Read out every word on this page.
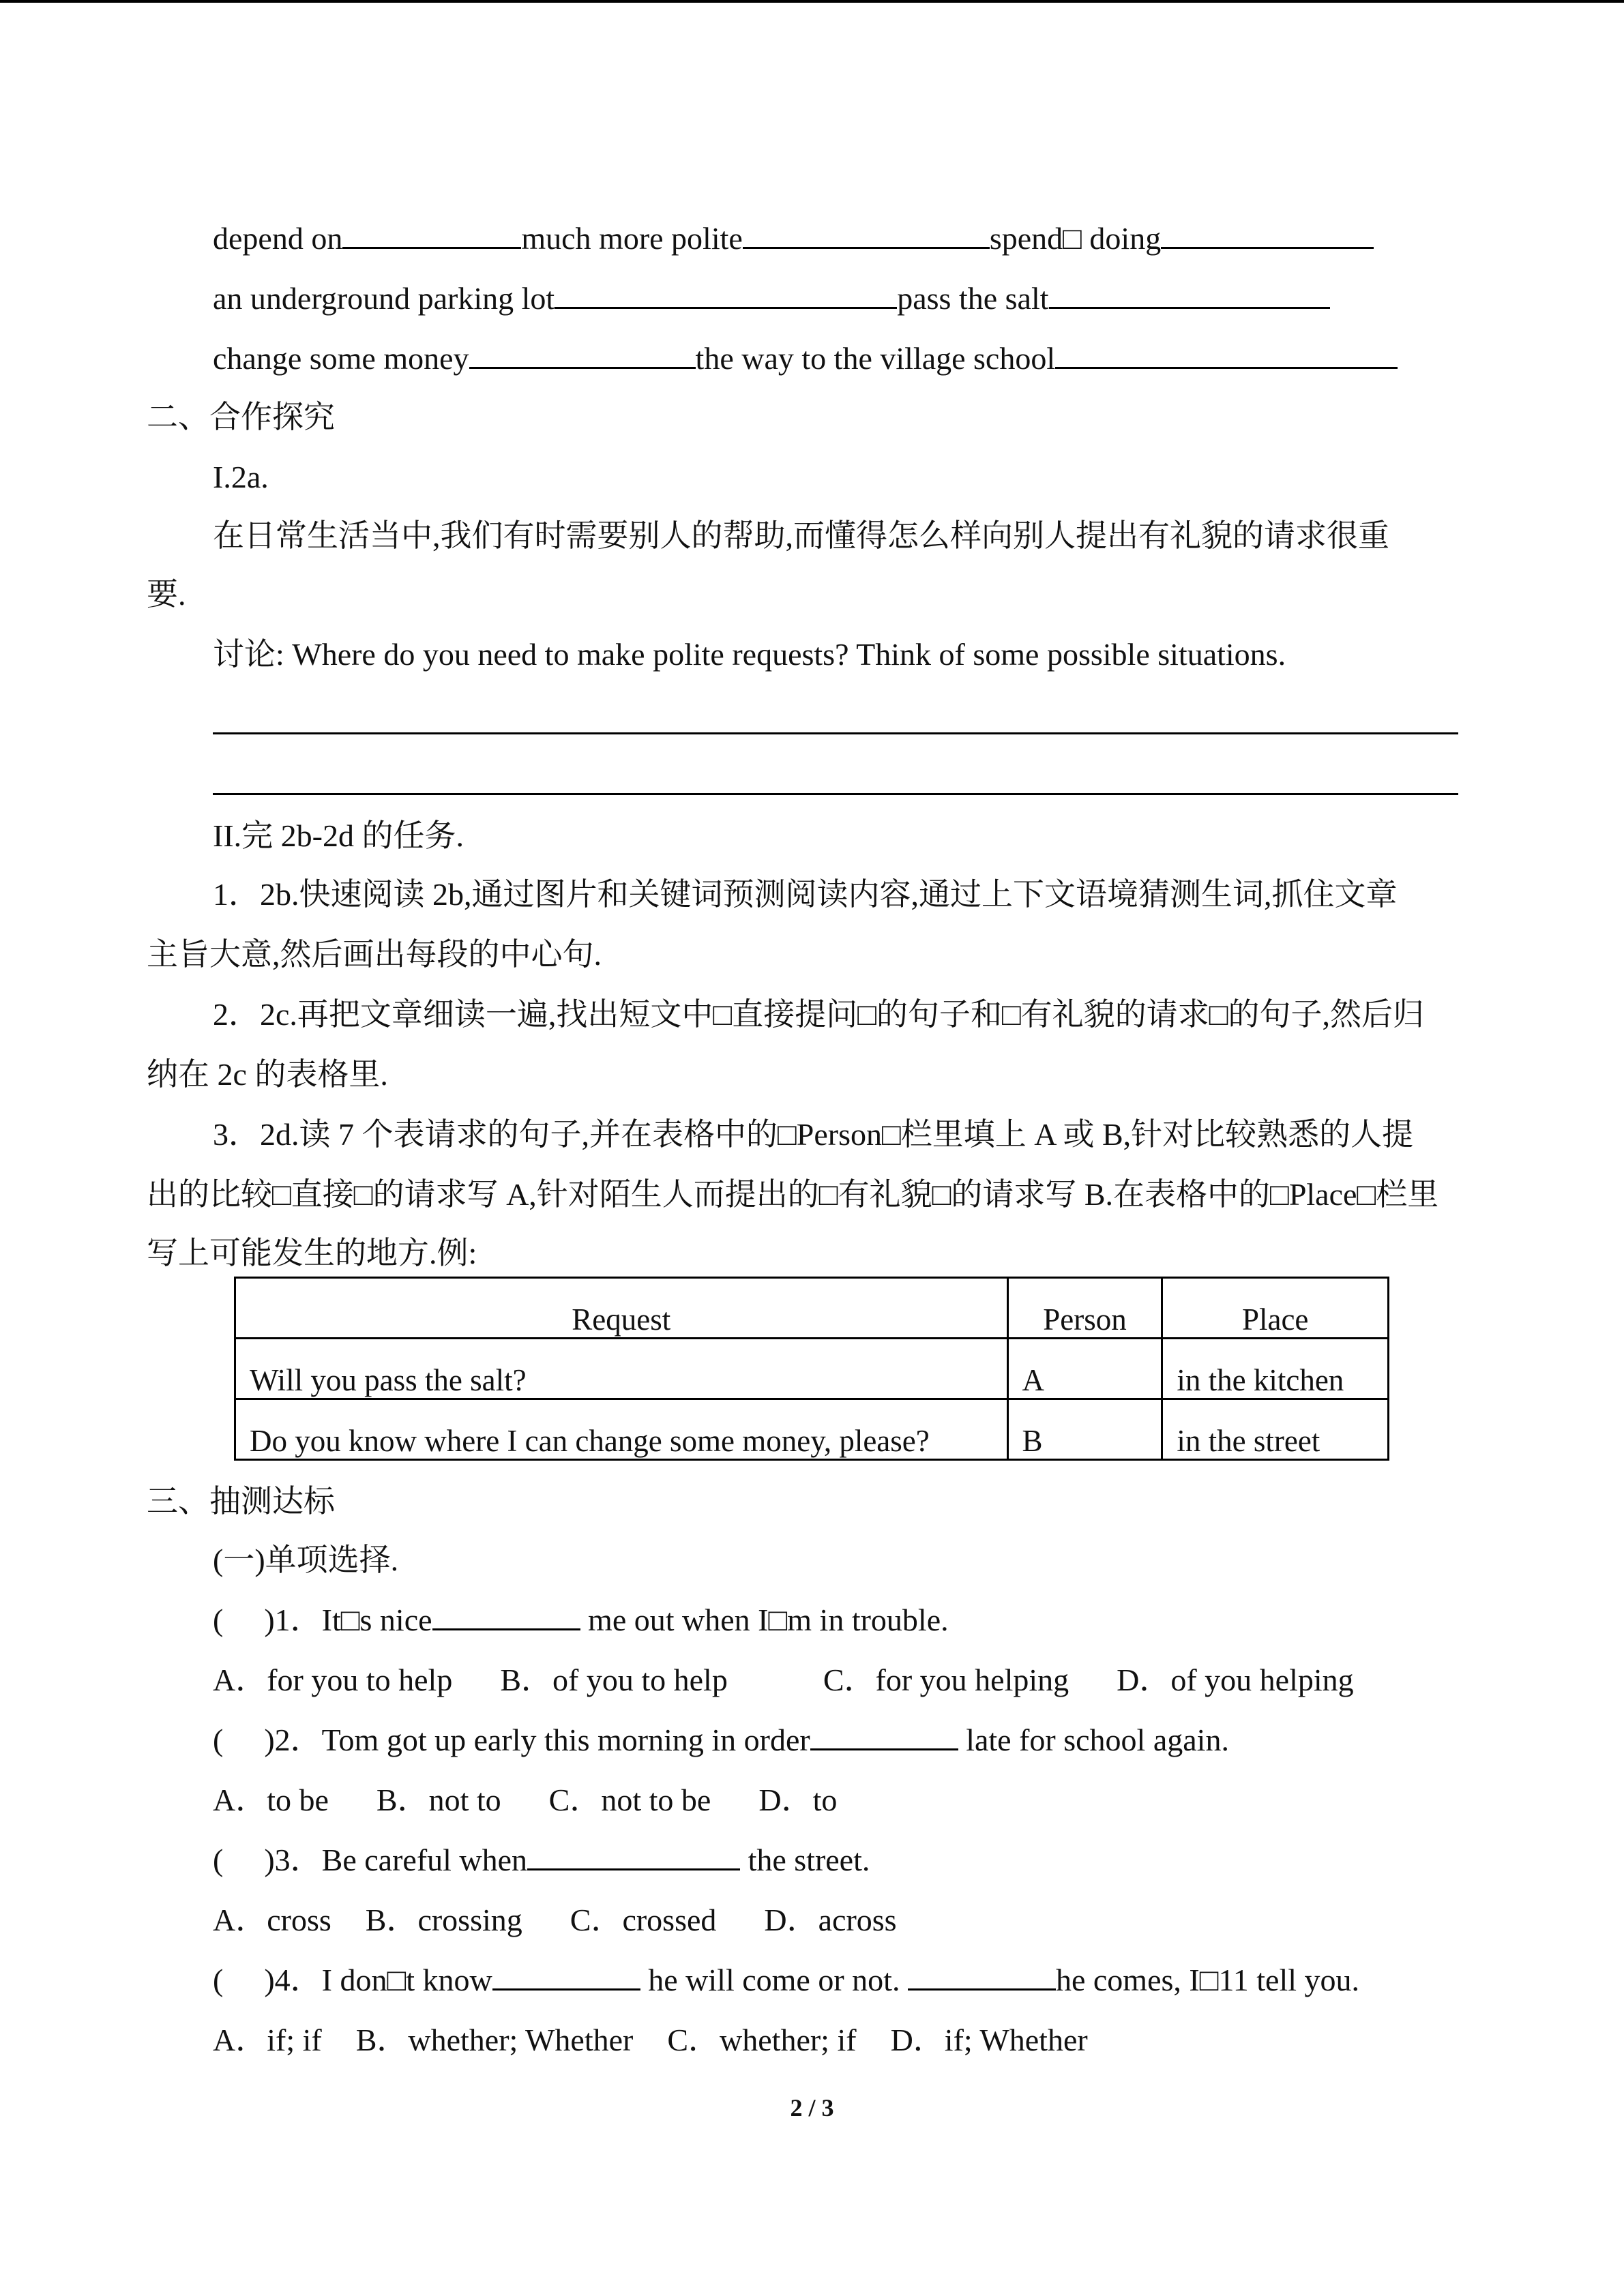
depend on	much more polite	spend□ doing
an underground parking lot	pass the salt
change some money	the way to the village school
二、合作探究
I.2a.
在日常生活当中,我们有时需要别人的帮助,而懂得怎么样向别人提出有礼貌的请求很重
要.
讨论: Where do you need to make polite requests? Think of some possible situations.
II.完 2b-2d 的任务.
1．2b.快速阅读 2b,通过图片和关键词预测阅读内容,通过上下文语境猜测生词,抓住文章
主旨大意,然后画出每段的中心句.
2．2c.再把文章细读一遍,找出短文中□直接提问□的句子和□有礼貌的请求□的句子,然后归
纳在 2c 的表格里.
3．2d.读 7 个表请求的句子,并在表格中的□Person□栏里填上 A 或 B,针对比较熟悉的人提
出的比较□直接□的请求写 A,针对陌生人而提出的□有礼貌□的请求写 B.在表格中的□Place□栏里
写上可能发生的地方.例:
Request	Person	Place
Will you pass the salt?	A	in the kitchen
Do you know where I can change some money, please?	B	in the street
三、抽测达标
(一)单项选择.
( )1．It□s nice	me out when I□m in trouble.
A．for you to help B．of you to help	C．for you helping D．of you helping
( )2．Tom got up early this morning in order	late for school again.
A．to be B．not to C．not to be D．to
( )3．Be careful when	the street.
A．cross B．crossing C．crossed D．across
( )4．I don□t know	he will come or not.	he comes, I□11 tell you.
A．if; if B．whether; Whether C．whether; if D．if; Whether
2 / 3
